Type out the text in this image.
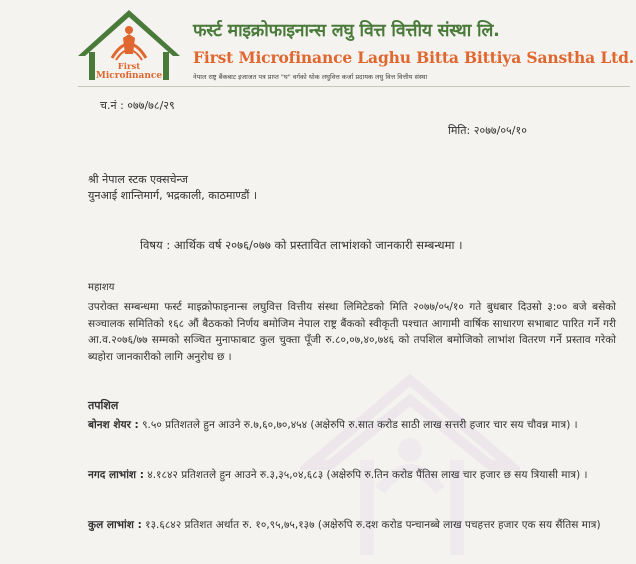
First
Microfinance
फर्स्ट माइक्रोफाइनान्स लघु वित्त वित्तीय संस्था लि.
First Microfinance Laghu Bitta Bittiya Sanstha Ltd.
नेपाल राष्ट्र बैंकबाट इजाजत पत्र प्राप्त "घ" वर्गको थोक लघुवित्त कर्जा प्रदायक लघु वित्त वित्तीय संस्था
च.नं : ०७७/७८/२९
मिति: २०७७/०५/१०
श्री नेपाल स्टक एक्सचेन्ज
युनआई शान्तिमार्ग, भद्रकाली, काठमाण्डौं ।
विषय : आर्थिक वर्ष २०७६/०७७ को प्रस्तावित लाभांशको जानकारी सम्बन्धमा ।
महाशय
उपरोक्त सम्बन्धमा फर्स्ट माइक्रोफाइनान्स लघुवित्त वित्तीय संस्था लिमिटेडको मिति २०७७/०५/१० गते बुधबार दिउसो ३:०० बजे बसेको सञ्चालक समितिको १६८ औं बैठकको निर्णय बमोजिम नेपाल राष्ट्र बैंकको स्वीकृती पश्चात आगामी वार्षिक साधारण सभाबाट पारित गर्ने गरी आ.व.२०७६/७७ सम्मको सञ्चित मुनाफाबाट कुल चुक्ता पूँजी रु.८०,०७,४०,७४६ को तपशिल बमोजिको लाभांश वितरण गर्ने प्रस्ताव गरेको ब्यहोरा जानकारीको लागि अनुरोध छ ।
तपशिल
बोनश शेयर : ९.५० प्रतिशतले हुन आउने रु.७,६०,७०,४५४ (अक्षेरुपि रु.सात करोड साठी लाख सत्तरी हजार चार सय चौवन्न मात्र) ।
नगद लाभांश : ४.१८४२ प्रतिशतले हुन आउने रु.३,३५,०४,६८३ (अक्षेरुपि रु.तिन करोड पैंतिस लाख चार हजार छ सय त्रियासी मात्र) ।
कुल लाभांश : १३.६८४२ प्रतिशत अर्थात रु. १०,९५,७५,१३७ (अक्षेरुपि रु.दश करोड पन्चानब्बे लाख पचहत्तर हजार एक सय सैंतिस मात्र)
